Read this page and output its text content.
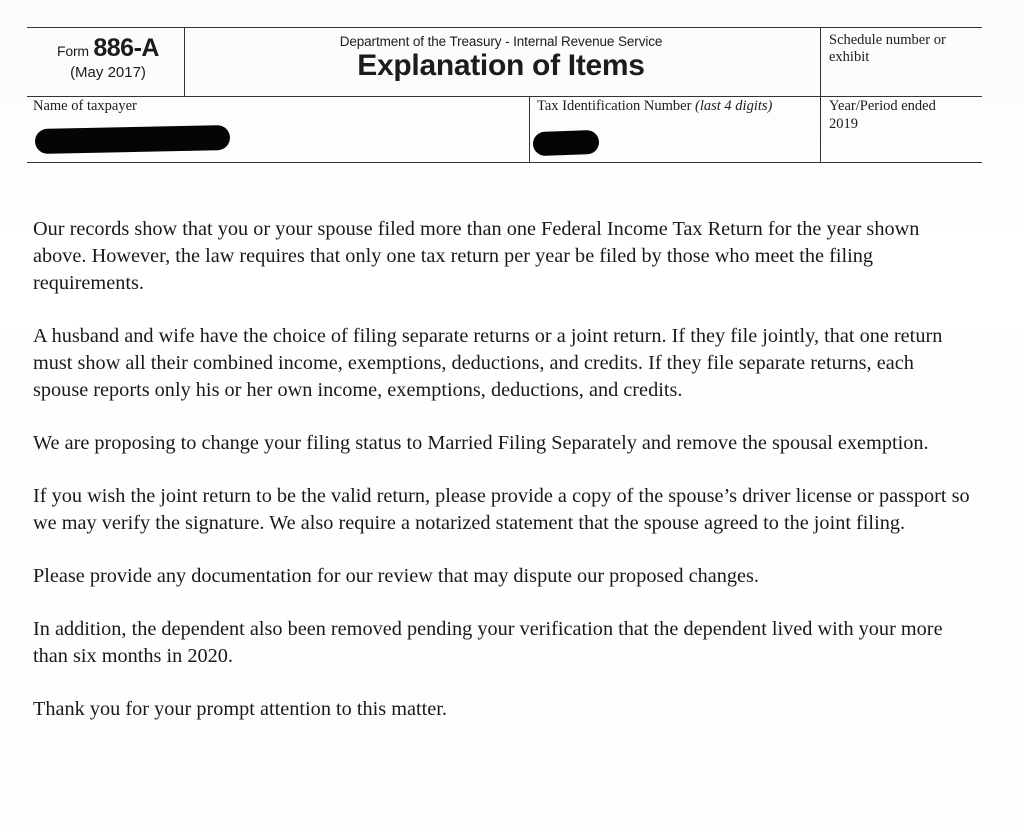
Form 886-A
(May 2017)
Department of the Treasury - Internal Revenue Service
Explanation of Items
Schedule number or exhibit
Name of taxpayer	Tax Identification Number (last 4 digits)	Year/Period ended
2019

Our records show that you or your spouse filed more than one Federal Income Tax Return for the year shown above. However, the law requires that only one tax return per year be filed by those who meet the filing requirements.

A husband and wife have the choice of filing separate returns or a joint return. If they file jointly, that one return must show all their combined income, exemptions, deductions, and credits. If they file separate returns, each spouse reports only his or her own income, exemptions, deductions, and credits.

We are proposing to change your filing status to Married Filing Separately and remove the spousal exemption.

If you wish the joint return to be the valid return, please provide a copy of the spouse’s driver license or passport so we may verify the signature. We also require a notarized statement that the spouse agreed to the joint filing.

Please provide any documentation for our review that may dispute our proposed changes.

In addition, the dependent also been removed pending your verification that the dependent lived with your more than six months in 2020.

Thank you for your prompt attention to this matter.
